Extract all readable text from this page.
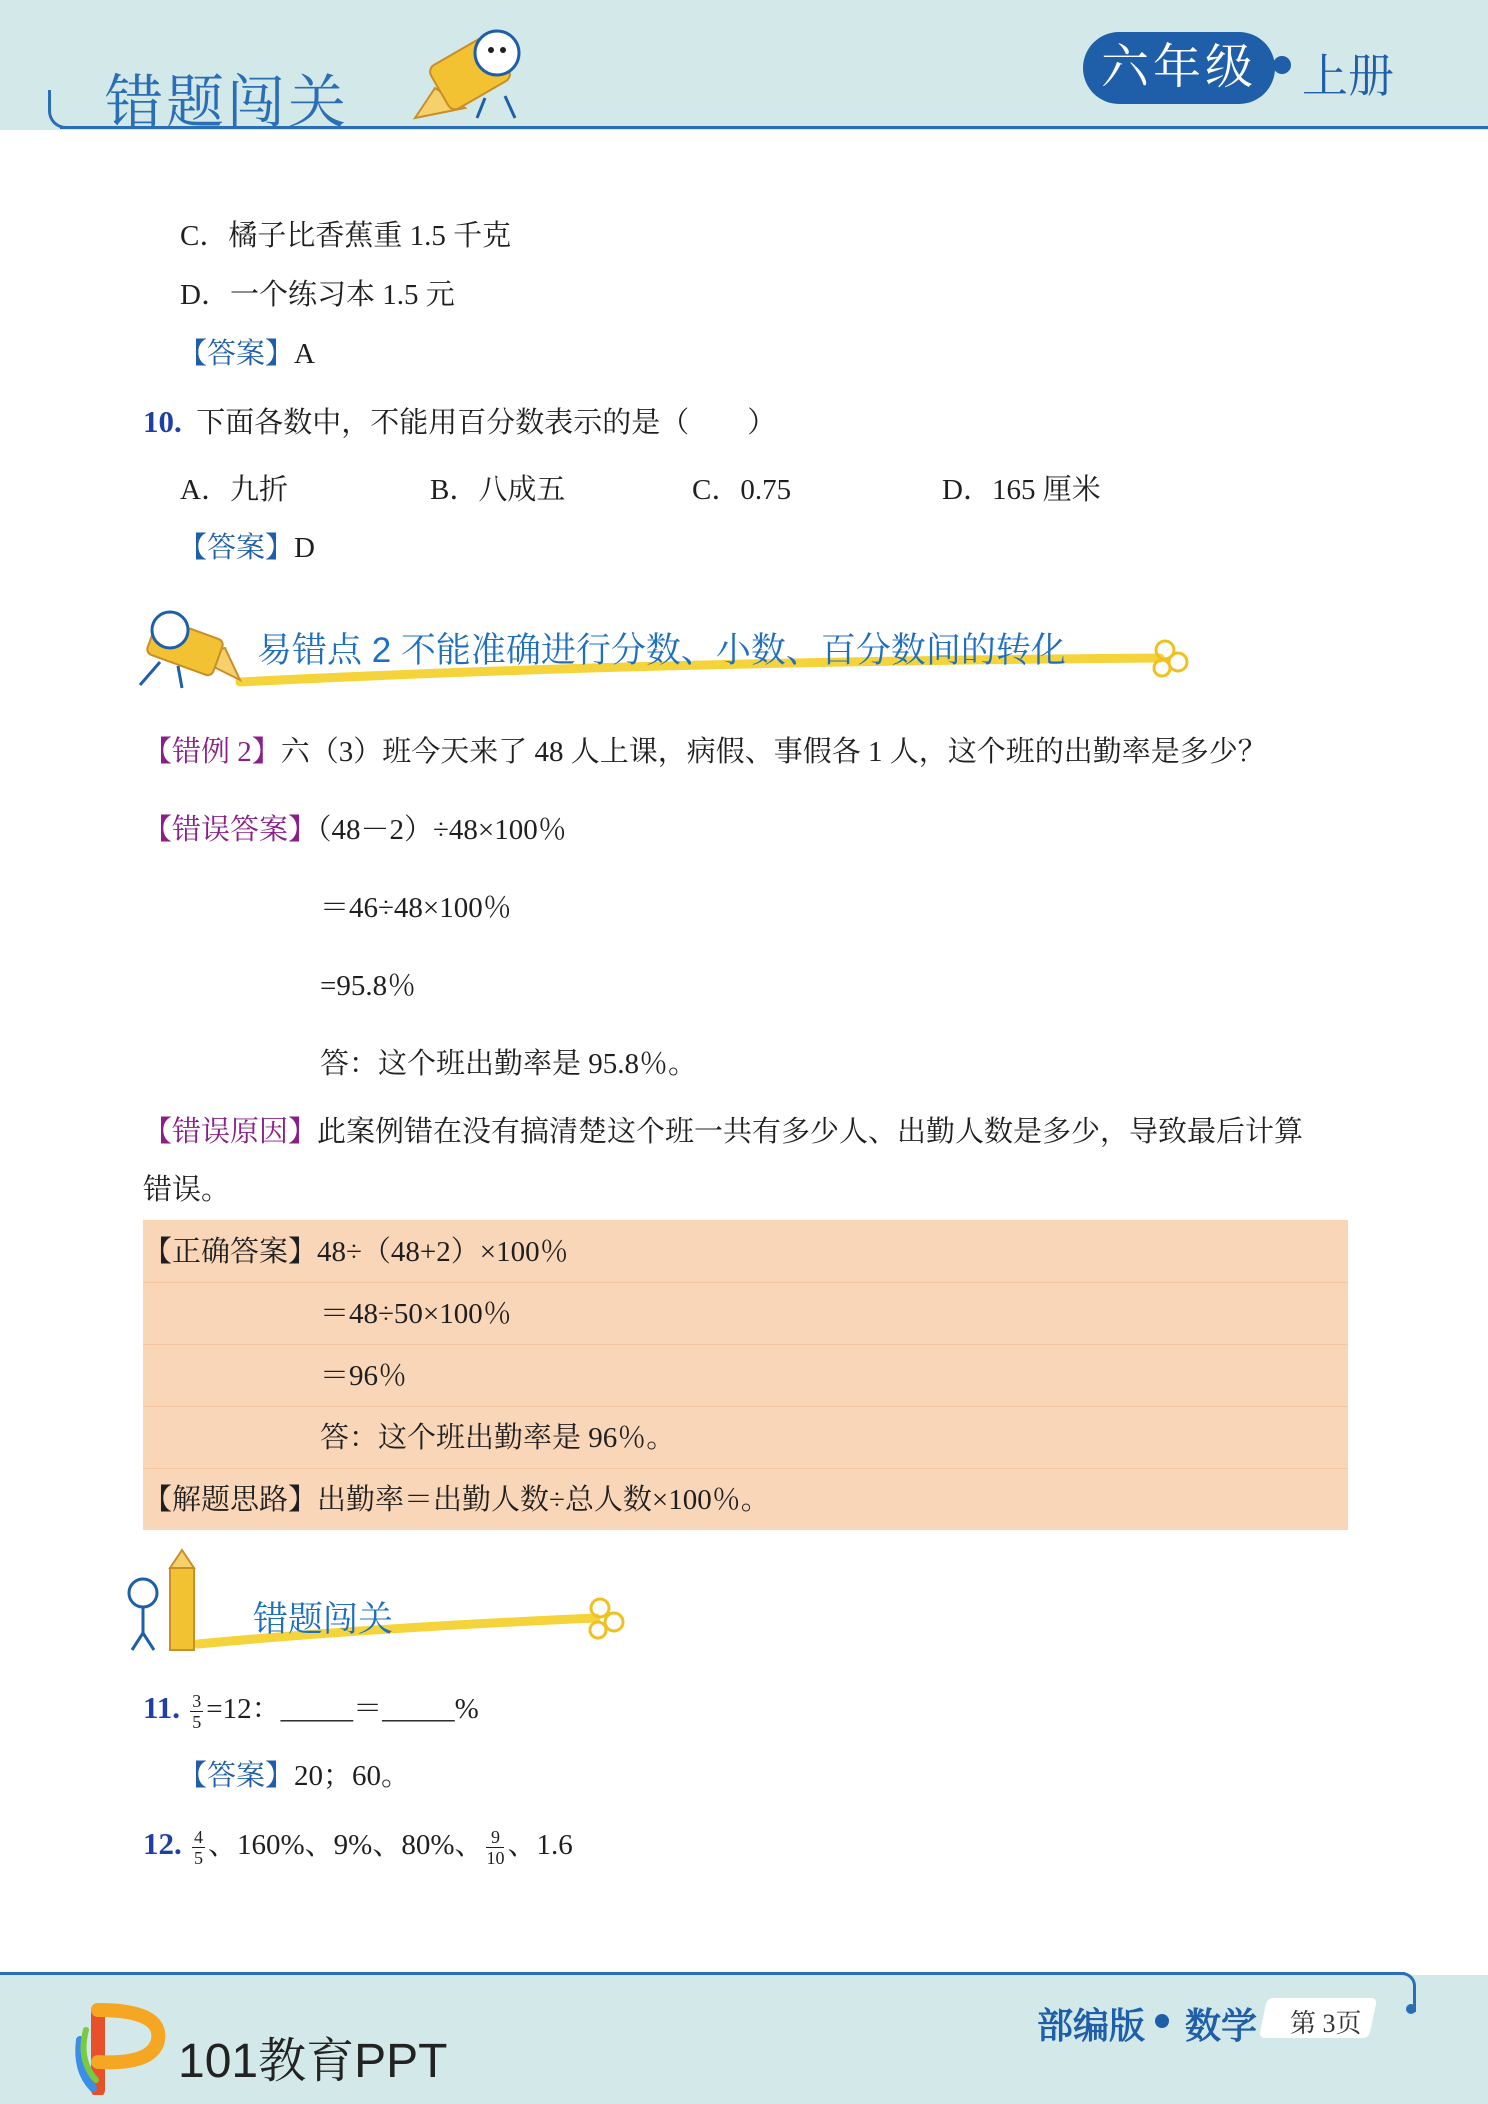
错题闯关
六年级 上册
C．橘子比香蕉重 1.5 千克
D．一个练习本 1.5 元
【答案】A
10. 下面各数中，不能用百分数表示的是（　　）
A．九折	B．八成五	C．0.75	D．165 厘米
【答案】D
易错点 2 不能准确进行分数、小数、百分数间的转化
【错例 2】六（3）班今天来了 48 人上课，病假、事假各 1 人，这个班的出勤率是多少？
【错误答案】（48－2）÷48×100％
＝46÷48×100％
=95.8％
答：这个班出勤率是 95.8％。
【错误原因】此案例错在没有搞清楚这个班一共有多少人、出勤人数是多少，导致最后计算
错误。
【正确答案】48÷（48+2）×100％
＝48÷50×100％
＝96％
答：这个班出勤率是 96％。
【解题思路】出勤率＝出勤人数÷总人数×100％。
错题闯关
11. $\frac{3}{5} =12$：_____＝_____%
【答案】20；60。
12. $\frac{4}{5}$ 、160%、9%、80%、 $\frac{9}{10}$ 、1.6
101教育PPT
部编版 数学 第 3页
